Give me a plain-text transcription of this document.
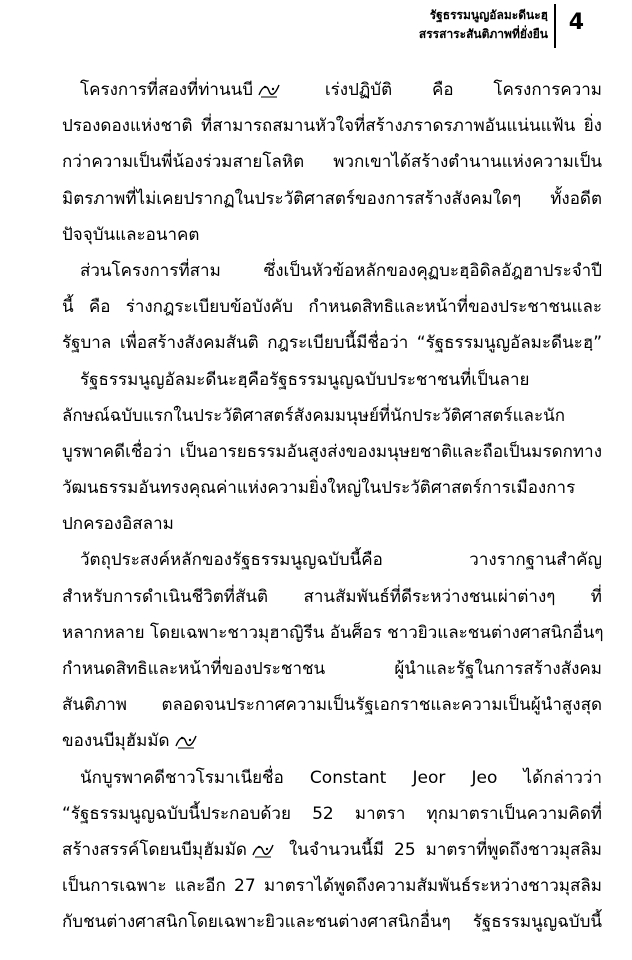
รัฐธรรมนูญอัลมะดีนะฮฺ
สรรสาระสันติภาพที่ยั่งยืน 4
โครงการที่สองที่ท่านนบี เร่งปฏิบัติ คือ โครงการความ
ปรองดองแห่งชาติ ที่สามารถสมานหัวใจที่สร้างภราดรภาพอันแน่นแฟ้น ยิ่ง
กว่าความเป็นพี่น้องร่วมสายโลหิต พวกเขาได้สร้างตำนานแห่งความเป็น
มิตรภาพที่ไม่เคยปรากฏในประวัติศาสตร์ของการสร้างสังคมใดๆ ทั้งอดีต
ปัจจุบันและอนาคต
ส่วนโครงการที่สาม ซึ่งเป็นหัวข้อหลักของคุฏบะฮฺอิดิลอัฎฮาประจำปี
นี้ คือ ร่างกฎระเบียบข้อบังคับ กำหนดสิทธิและหน้าที่ของประชาชนและ
รัฐบาล เพื่อสร้างสังคมสันติ กฎระเบียบนี้มีชื่อว่า “รัฐธรรมนูญอัลมะดีนะฮฺ”
รัฐธรรมนูญอัลมะดีนะฮฺคือรัฐธรรมนูญฉบับประชาชนที่เป็นลาย
ลักษณ์ฉบับแรกในประวัติศาสตร์สังคมมนุษย์ที่นักประวัติศาสตร์และนัก
บูรพาคดีเชื่อว่า เป็นอารยธรรมอันสูงส่งของมนุษยชาติและถือเป็นมรดกทาง
วัฒนธรรมอันทรงคุณค่าแห่งความยิ่งใหญ่ในประวัติศาสตร์การเมืองการ
ปกครองอิสลาม
วัตถุประสงค์หลักของรัฐธรรมนูญฉบับนี้คือ วางรากฐานสำคัญ
สำหรับการดำเนินชีวิตที่สันติ สานสัมพันธ์ที่ดีระหว่างชนเผ่าต่างๆ ที่
หลากหลาย โดยเฉพาะชาวมุฮาญิรีน อันศ็อร ชาวยิวและชนต่างศาสนิกอื่นๆ
กำหนดสิทธิและหน้าที่ของประชาชน ผู้นำและรัฐในการสร้างสังคม
สันติภาพ ตลอดจนประกาศความเป็นรัฐเอกราชและความเป็นผู้นำสูงสุด
ของนบีมุฮัมมัด
นักบูรพาคดีชาวโรมาเนียชื่อ Constant Jeor Jeo ได้กล่าวว่า
“รัฐธรรมนูญฉบับนี้ประกอบด้วย 52 มาตรา ทุกมาตราเป็นความคิดที่
สร้างสรรค์โดยนบีมุฮัมมัด ในจำนวนนี้มี 25 มาตราที่พูดถึงชาวมุสลิม
เป็นการเฉพาะ และอีก 27 มาตราได้พูดถึงความสัมพันธ์ระหว่างชาวมุสลิม
กับชนต่างศาสนิกโดยเฉพาะยิวและชนต่างศาสนิกอื่นๆ รัฐธรรมนูญฉบับนี้
